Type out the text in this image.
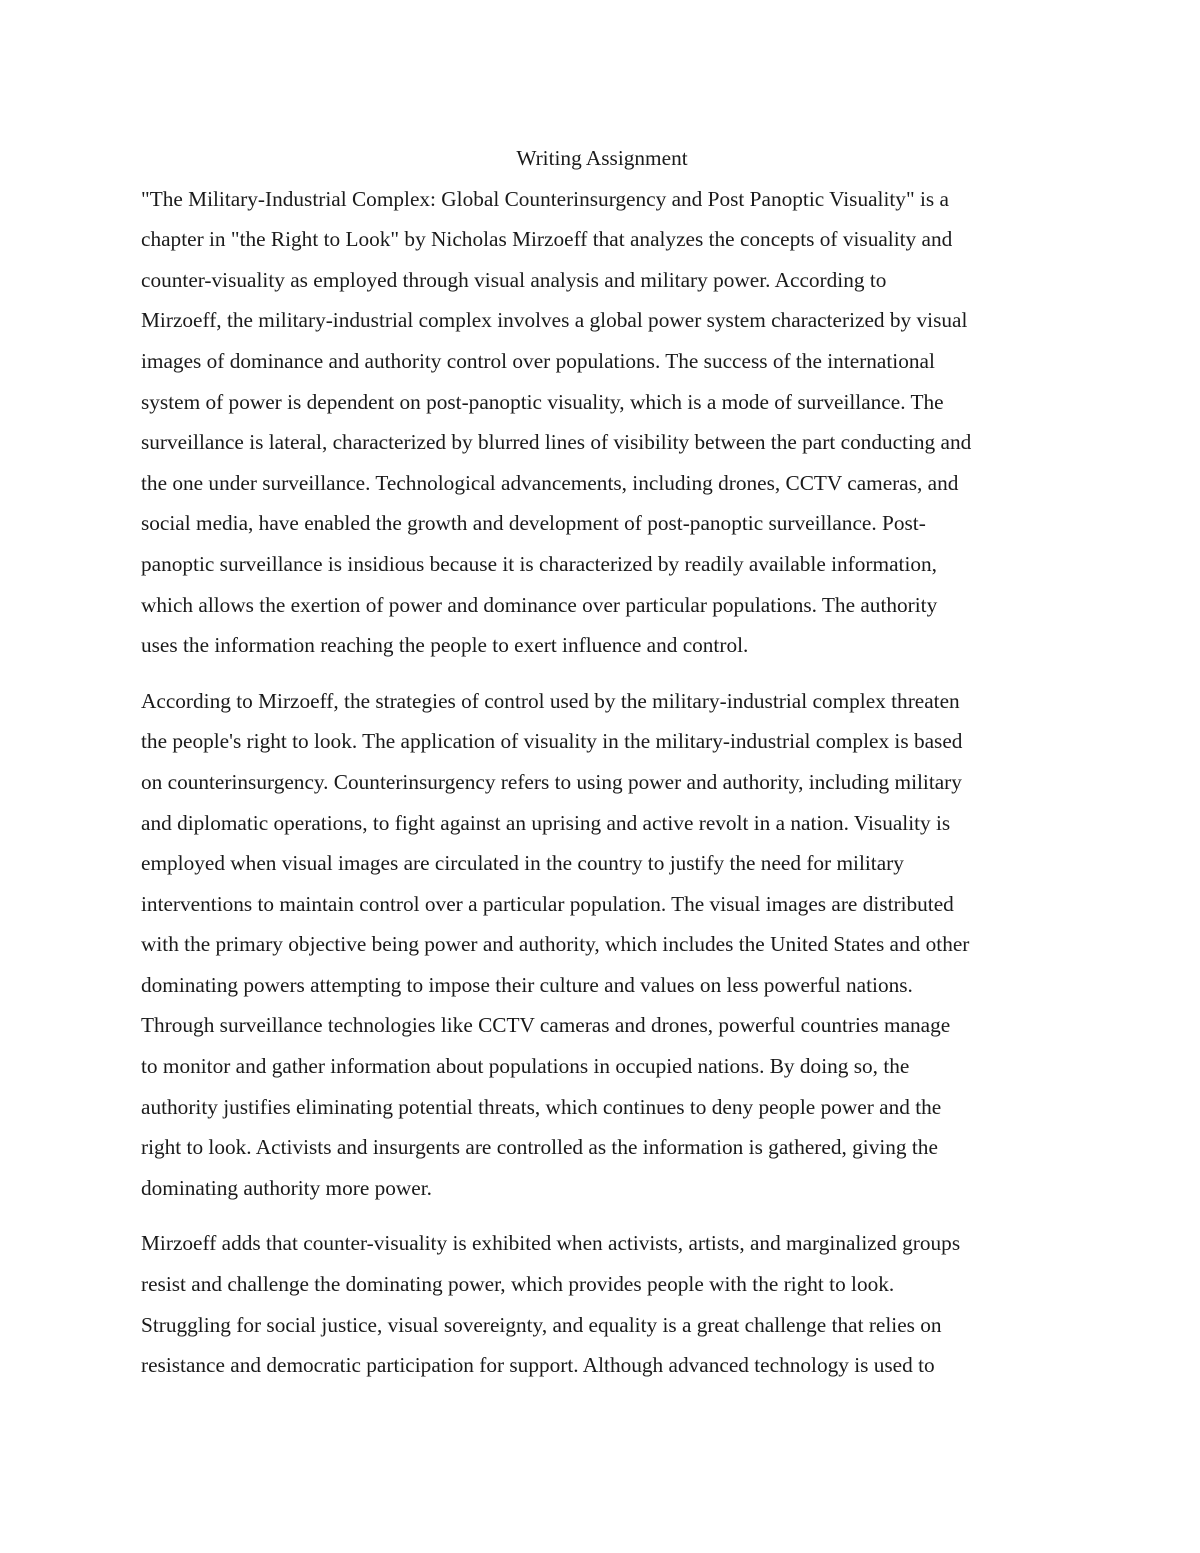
Writing Assignment

"The Military-Industrial Complex: Global Counterinsurgency and Post Panoptic Visuality" is a
chapter in "the Right to Look" by Nicholas Mirzoeff that analyzes the concepts of visuality and
counter-visuality as employed through visual analysis and military power. According to
Mirzoeff, the military-industrial complex involves a global power system characterized by visual
images of dominance and authority control over populations. The success of the international
system of power is dependent on post-panoptic visuality, which is a mode of surveillance. The
surveillance is lateral, characterized by blurred lines of visibility between the part conducting and
the one under surveillance. Technological advancements, including drones, CCTV cameras, and
social media, have enabled the growth and development of post-panoptic surveillance. Post-
panoptic surveillance is insidious because it is characterized by readily available information,
which allows the exertion of power and dominance over particular populations. The authority
uses the information reaching the people to exert influence and control.

According to Mirzoeff, the strategies of control used by the military-industrial complex threaten
the people's right to look. The application of visuality in the military-industrial complex is based
on counterinsurgency. Counterinsurgency refers to using power and authority, including military
and diplomatic operations, to fight against an uprising and active revolt in a nation. Visuality is
employed when visual images are circulated in the country to justify the need for military
interventions to maintain control over a particular population. The visual images are distributed
with the primary objective being power and authority, which includes the United States and other
dominating powers attempting to impose their culture and values on less powerful nations.
Through surveillance technologies like CCTV cameras and drones, powerful countries manage
to monitor and gather information about populations in occupied nations. By doing so, the
authority justifies eliminating potential threats, which continues to deny people power and the
right to look. Activists and insurgents are controlled as the information is gathered, giving the
dominating authority more power.

Mirzoeff adds that counter-visuality is exhibited when activists, artists, and marginalized groups
resist and challenge the dominating power, which provides people with the right to look.
Struggling for social justice, visual sovereignty, and equality is a great challenge that relies on
resistance and democratic participation for support. Although advanced technology is used to
